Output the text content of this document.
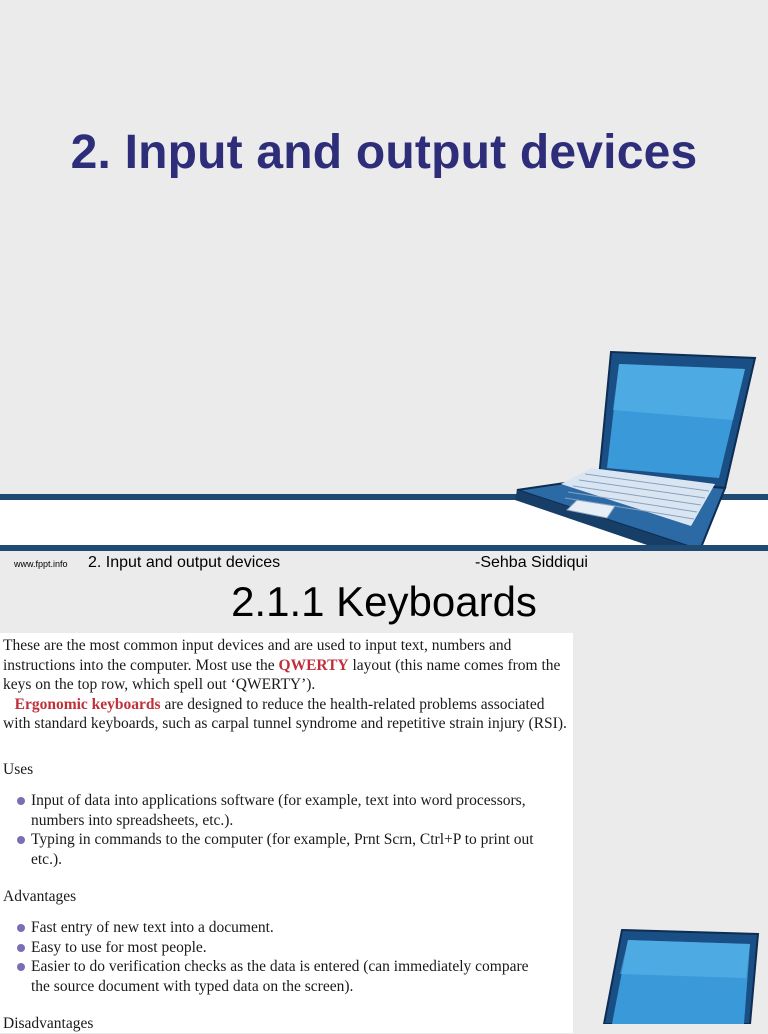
2. Input and output devices
www.fppt.info 2. Input and output devices	-Sehba Siddiqui
2.1.1 Keyboards

These are the most common input devices and are used to input text, numbers and instructions into the computer. Most use the QWERTY layout (this name comes from the keys on the top row, which spell out ‘QWERTY’).
Ergonomic keyboards are designed to reduce the health-related problems associated with standard keyboards, such as carpal tunnel syndrome and repetitive strain injury (RSI).

Uses
Input of data into applications software (for example, text into word processors, numbers into spreadsheets, etc.).
Typing in commands to the computer (for example, Prnt Scrn, Ctrl+P to print out etc.).
Advantages
Fast entry of new text into a document.
Easy to use for most people.
Easier to do verification checks as the data is entered (can immediately compare the source document with typed data on the screen).
Disadvantages
